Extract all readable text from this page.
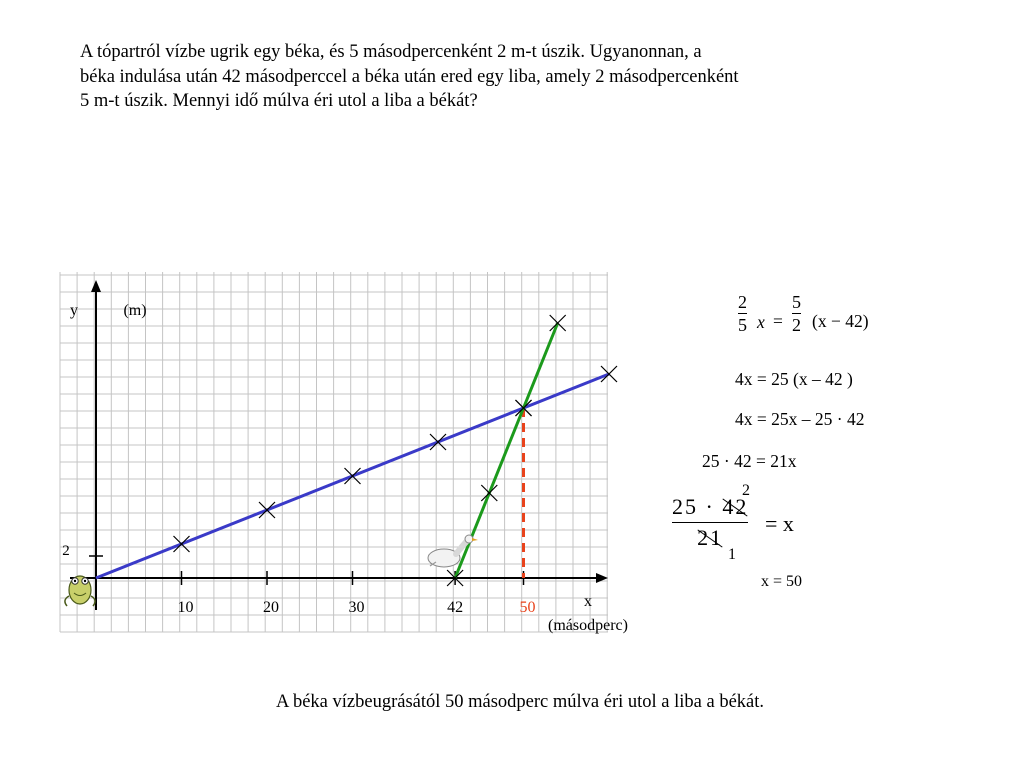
A tópartról vízbe ugrik egy béka, és 5 másodpercenként 2 m-t úszik. Ugyanonnan, a béka indulása után 42 másodperccel a béka után ered egy liba, amely 2 másodpercenként 5 m-t úszik. Mennyi idő múlva éri utol a liba a békát?
10	20	30	42	50
2
y	(m)
x
(másodperc)
2
5 x =
5
2 (x − 42)
4x = 25 (x – 42 )
4x = 25x – 25 · 42
25 · 42 = 21x
25 · 42
21
2
1
= x
x = 50
A béka vízbeugrásától 50 másodperc múlva éri utol a liba a békát.
